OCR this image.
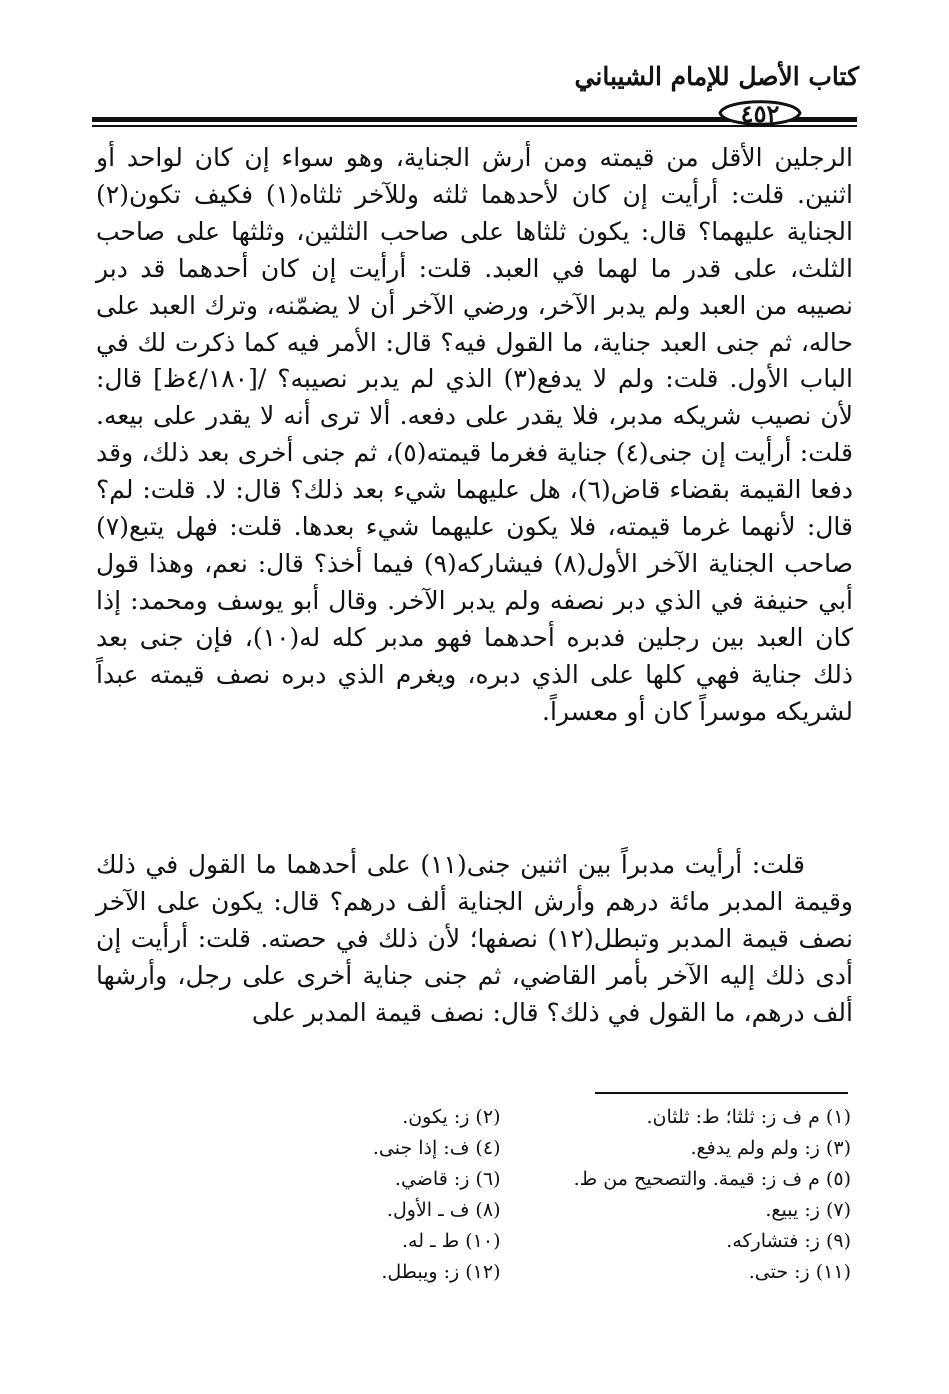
كتاب الأصل للإمام الشيباني
٤٥٢

الرجلين الأقل من قيمته ومن أرش الجناية، وهو سواء إن كان لواحد أو اثنين. قلت: أرأيت إن كان لأحدهما ثلثه وللآخر ثلثاه(١) فكيف تكون(٢) الجناية عليهما؟ قال: يكون ثلثاها على صاحب الثلثين، وثلثها على صاحب الثلث، على قدر ما لهما في العبد. قلت: أرأيت إن كان أحدهما قد دبر نصيبه من العبد ولم يدبر الآخر، ورضي الآخر أن لا يضمّنه، وترك العبد على حاله، ثم جنى العبد جناية، ما القول فيه؟ قال: الأمر فيه كما ذكرت لك في الباب الأول. قلت: ولم لا يدفع(٣) الذي لم يدبر نصيبه؟ /[٤/١٨٠ظ] قال: لأن نصيب شريكه مدبر، فلا يقدر على دفعه. ألا ترى أنه لا يقدر على بيعه. قلت: أرأيت إن جنى(٤) جناية فغرما قيمته(٥)، ثم جنى أخرى بعد ذلك، وقد دفعا القيمة بقضاء قاض(٦)، هل عليهما شيء بعد ذلك؟ قال: لا. قلت: لم؟ قال: لأنهما غرما قيمته، فلا يكون عليهما شيء بعدها. قلت: فهل يتبع(٧) صاحب الجناية الآخر الأول(٨) فيشاركه(٩) فيما أخذ؟ قال: نعم، وهذا قول أبي حنيفة في الذي دبر نصفه ولم يدبر الآخر. وقال أبو يوسف ومحمد: إذا كان العبد بين رجلين فدبره أحدهما فهو مدبر كله له(١٠)، فإن جنى بعد ذلك جناية فهي كلها على الذي دبره، ويغرم الذي دبره نصف قيمته عبداً لشريكه موسراً كان أو معسراً.

قلت: أرأيت مدبراً بين اثنين جنى(١١) على أحدهما ما القول في ذلك وقيمة المدبر مائة درهم وأرش الجناية ألف درهم؟ قال: يكون على الآخر نصف قيمة المدبر وتبطل(١٢) نصفها؛ لأن ذلك في حصته. قلت: أرأيت إن أدى ذلك إليه الآخر بأمر القاضي، ثم جنى جناية أخرى على رجل، وأرشها ألف درهم، ما القول في ذلك؟ قال: نصف قيمة المدبر على

(١) م ف ز: ثلثا؛ ط: ثلثان.
(٢) ز: يكون.
(٣) ز: ولم ولم يدفع.
(٤) ف: إذا جنى.
(٥) م ف ز: قيمة. والتصحيح من ط.
(٦) ز: قاضي.
(٧) ز: يبيع.
(٨) ف ـ الأول.
(٩) ز: فتشاركه.
(١٠) ط ـ له.
(١١) ز: حتى.
(١٢) ز: ويبطل.
